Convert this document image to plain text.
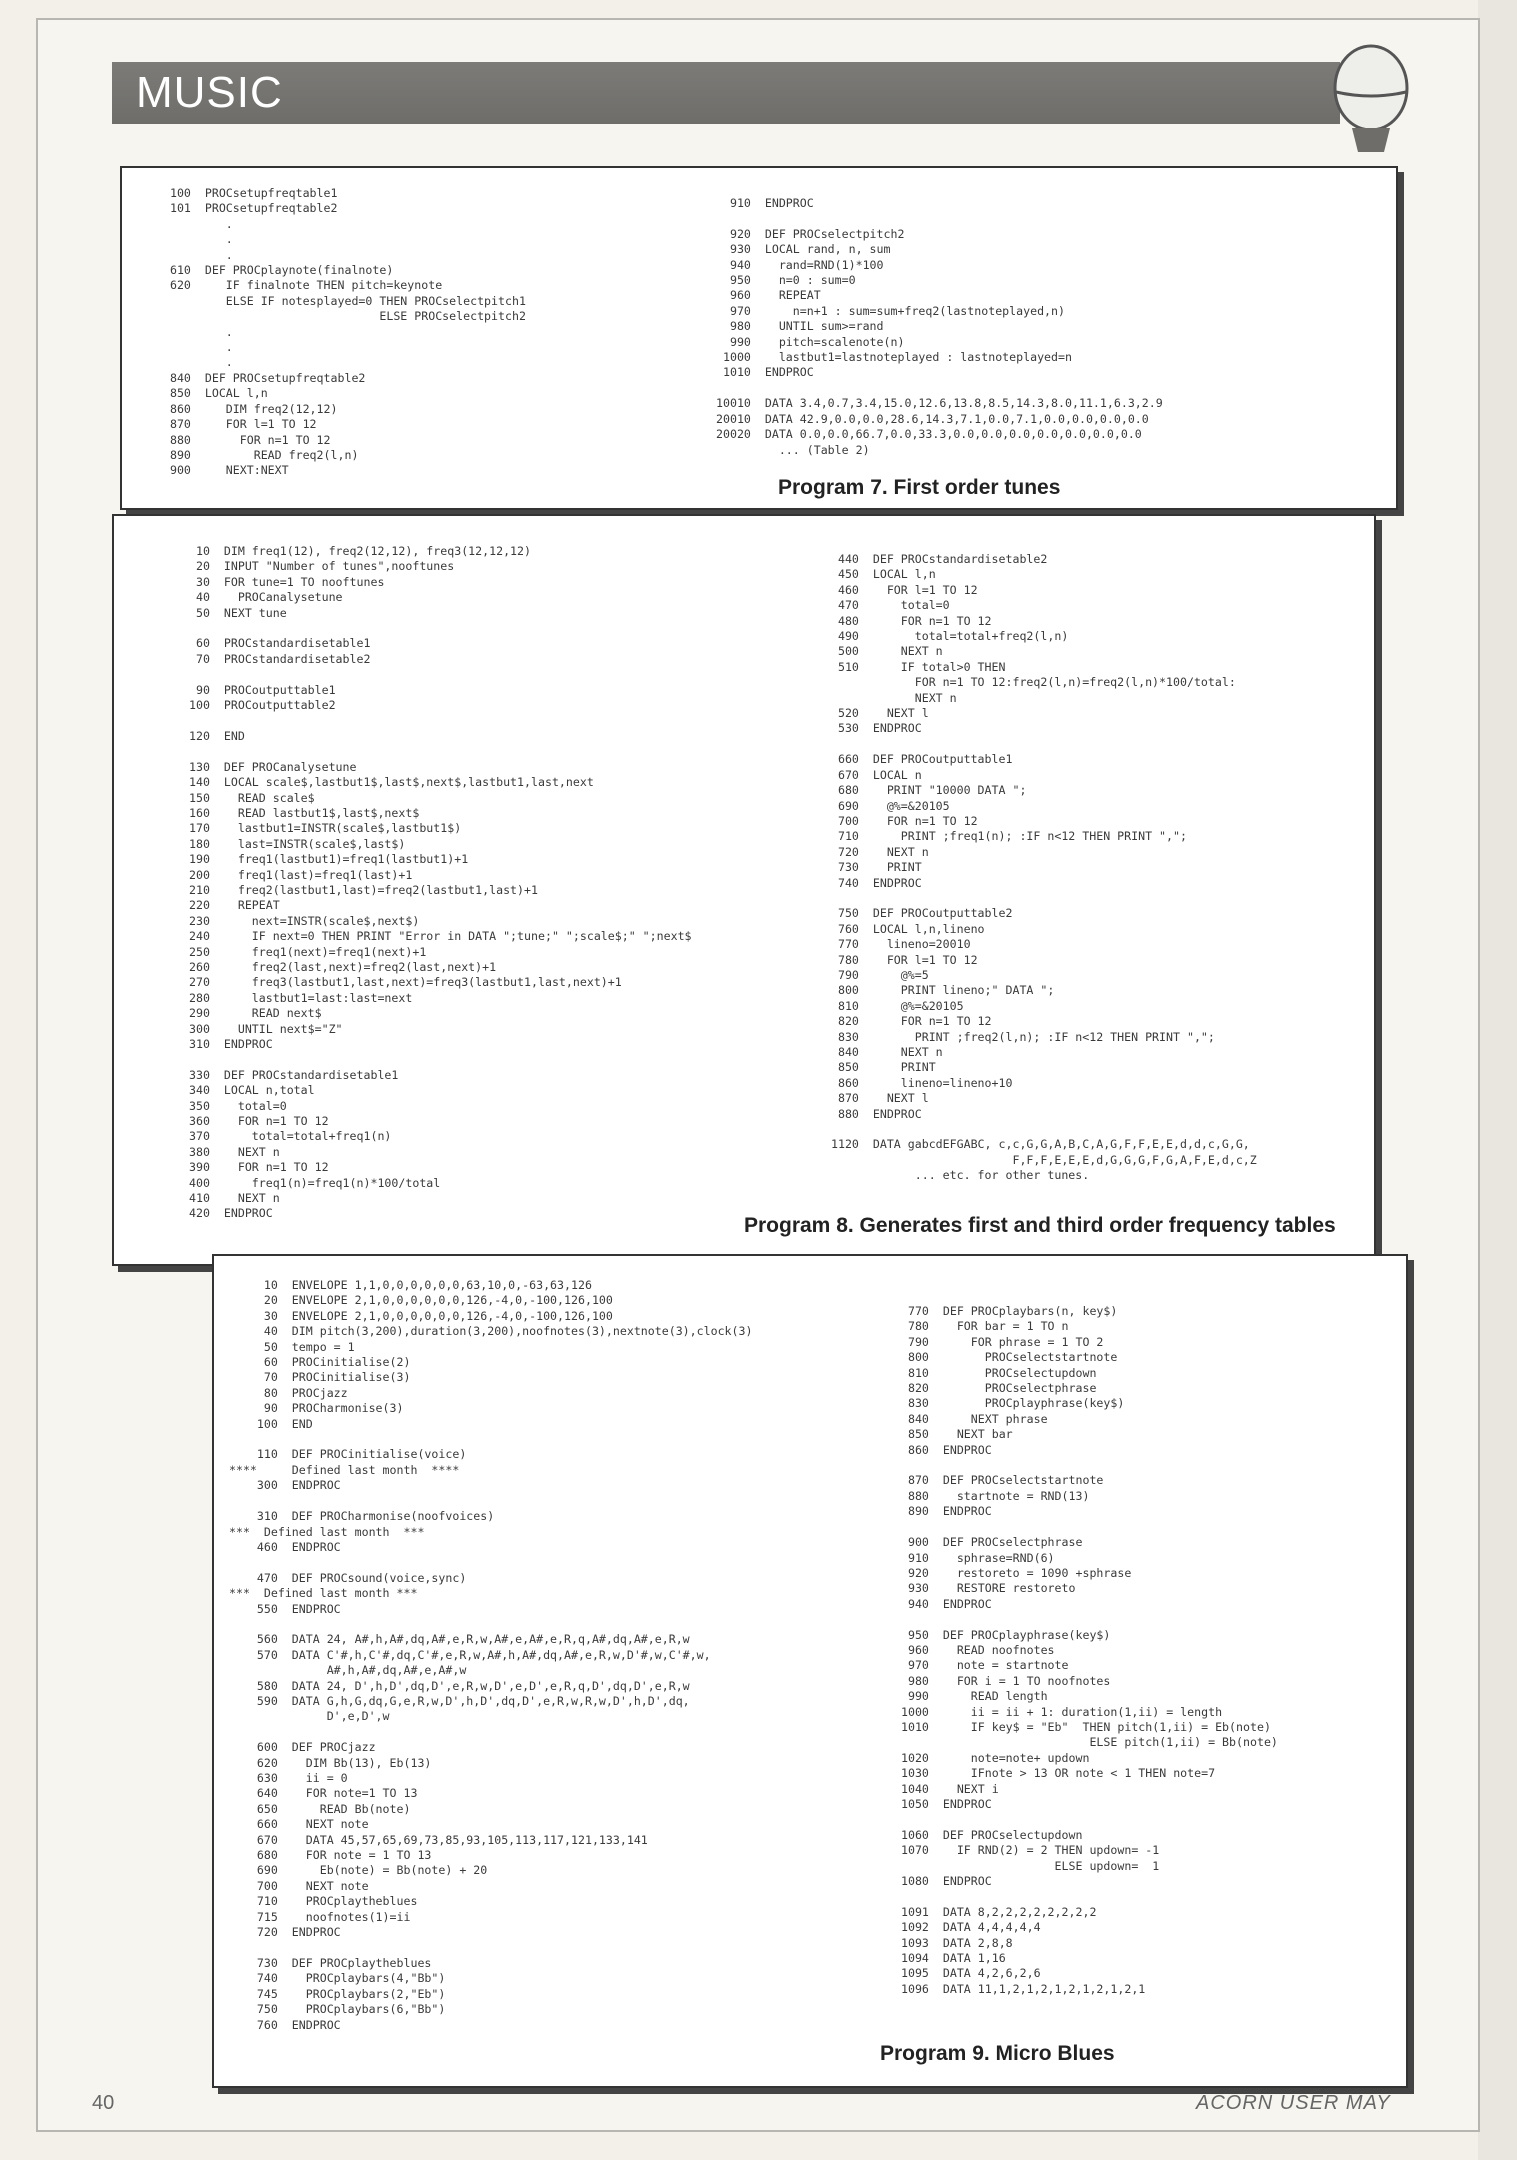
MUSIC
100  PROCsetupfreqtable1
101  PROCsetupfreqtable2
.
.
.
610  DEF PROCplaynote(finalnote)
620     IF finalnote THEN pitch=keynote
ELSE IF notesplayed=0 THEN PROCselectpitch1
ELSE PROCselectpitch2
.
.
.
840  DEF PROCsetupfreqtable2
850  LOCAL l,n
860     DIM freq2(12,12)
870     FOR l=1 TO 12
880       FOR n=1 TO 12
890         READ freq2(l,n)
900     NEXT:NEXT
910  ENDPROC

920  DEF PROCselectpitch2
930  LOCAL rand, n, sum
940    rand=RND(1)*100
950    n=0 : sum=0
960    REPEAT
970      n=n+1 : sum=sum+freq2(lastnoteplayed,n)
980    UNTIL sum>=rand
990    pitch=scalenote(n)
1000    lastbut1=lastnoteplayed : lastnoteplayed=n
1010  ENDPROC

10010  DATA 3.4,0.7,3.4,15.0,12.6,13.8,8.5,14.3,8.0,11.1,6.3,2.9
20010  DATA 42.9,0.0,0.0,28.6,14.3,7.1,0.0,7.1,0.0,0.0,0.0,0.0
20020  DATA 0.0,0.0,66.7,0.0,33.3,0.0,0.0,0.0,0.0,0.0,0.0,0.0
... (Table 2)
Program 7. First order tunes
10  DIM freq1(12), freq2(12,12), freq3(12,12,12)
20  INPUT "Number of tunes",nooftunes
30  FOR tune=1 TO nooftunes
40    PROCanalysetune
50  NEXT tune

60  PROCstandardisetable1
70  PROCstandardisetable2

90  PROCoutputtable1
100  PROCoutputtable2

120  END

130  DEF PROCanalysetune
140  LOCAL scale$,lastbut1$,last$,next$,lastbut1,last,next
150    READ scale$
160    READ lastbut1$,last$,next$
170    lastbut1=INSTR(scale$,lastbut1$)
180    last=INSTR(scale$,last$)
190    freq1(lastbut1)=freq1(lastbut1)+1
200    freq1(last)=freq1(last)+1
210    freq2(lastbut1,last)=freq2(lastbut1,last)+1
220    REPEAT
230      next=INSTR(scale$,next$)
240      IF next=0 THEN PRINT "Error in DATA ";tune;" ";scale$;" ";next$
250      freq1(next)=freq1(next)+1
260      freq2(last,next)=freq2(last,next)+1
270      freq3(lastbut1,last,next)=freq3(lastbut1,last,next)+1
280      lastbut1=last:last=next
290      READ next$
300    UNTIL next$="Z"
310  ENDPROC

330  DEF PROCstandardisetable1
340  LOCAL n,total
350    total=0
360    FOR n=1 TO 12
370      total=total+freq1(n)
380    NEXT n
390    FOR n=1 TO 12
400      freq1(n)=freq1(n)*100/total
410    NEXT n
420  ENDPROC
440  DEF PROCstandardisetable2
450  LOCAL l,n
460    FOR l=1 TO 12
470      total=0
480      FOR n=1 TO 12
490        total=total+freq2(l,n)
500      NEXT n
510      IF total>0 THEN
FOR n=1 TO 12:freq2(l,n)=freq2(l,n)*100/total:
NEXT n
520    NEXT l
530  ENDPROC

660  DEF PROCoutputtable1
670  LOCAL n
680    PRINT "10000 DATA ";
690    @%=&20105
700    FOR n=1 TO 12
710      PRINT ;freq1(n); :IF n<12 THEN PRINT ",";
720    NEXT n
730    PRINT
740  ENDPROC

750  DEF PROCoutputtable2
760  LOCAL l,n,lineno
770    lineno=20010
780    FOR l=1 TO 12
790      @%=5
800      PRINT lineno;" DATA ";
810      @%=&20105
820      FOR n=1 TO 12
830        PRINT ;freq2(l,n); :IF n<12 THEN PRINT ",";
840      NEXT n
850      PRINT
860      lineno=lineno+10
870    NEXT l
880  ENDPROC

1120  DATA gabcdEFGABC, c,c,G,G,A,B,C,A,G,F,F,E,E,d,d,c,G,G,
F,F,F,E,E,E,d,G,G,G,F,G,A,F,E,d,c,Z
... etc. for other tunes.
Program 8. Generates first and third order frequency tables
10  ENVELOPE 1,1,0,0,0,0,0,0,63,10,0,-63,63,126
20  ENVELOPE 2,1,0,0,0,0,0,0,126,-4,0,-100,126,100
30  ENVELOPE 2,1,0,0,0,0,0,0,126,-4,0,-100,126,100
40  DIM pitch(3,200),duration(3,200),noofnotes(3),nextnote(3),clock(3)
50  tempo = 1
60  PROCinitialise(2)
70  PROCinitialise(3)
80  PROCjazz
90  PROCharmonise(3)
100  END

110  DEF PROCinitialise(voice)
****     Defined last month  ****
300  ENDPROC

310  DEF PROCharmonise(noofvoices)
***  Defined last month  ***
460  ENDPROC

470  DEF PROCsound(voice,sync)
***  Defined last month ***
550  ENDPROC

560  DATA 24, A#,h,A#,dq,A#,e,R,w,A#,e,A#,e,R,q,A#,dq,A#,e,R,w
570  DATA C'#,h,C'#,dq,C'#,e,R,w,A#,h,A#,dq,A#,e,R,w,D'#,w,C'#,w,
A#,h,A#,dq,A#,e,A#,w
580  DATA 24, D',h,D',dq,D',e,R,w,D',e,D',e,R,q,D',dq,D',e,R,w
590  DATA G,h,G,dq,G,e,R,w,D',h,D',dq,D',e,R,w,R,w,D',h,D',dq,
D',e,D',w

600  DEF PROCjazz
620    DIM Bb(13), Eb(13)
630    ii = 0
640    FOR note=1 TO 13
650      READ Bb(note)
660    NEXT note
670    DATA 45,57,65,69,73,85,93,105,113,117,121,133,141
680    FOR note = 1 TO 13
690      Eb(note) = Bb(note) + 20
700    NEXT note
710    PROCplaytheblues
715    noofnotes(1)=ii
720  ENDPROC

730  DEF PROCplaytheblues
740    PROCplaybars(4,"Bb")
745    PROCplaybars(2,"Eb")
750    PROCplaybars(6,"Bb")
760  ENDPROC
770  DEF PROCplaybars(n, key$)
780    FOR bar = 1 TO n
790      FOR phrase = 1 TO 2
800        PROCselectstartnote
810        PROCselectupdown
820        PROCselectphrase
830        PROCplayphrase(key$)
840      NEXT phrase
850    NEXT bar
860  ENDPROC

870  DEF PROCselectstartnote
880    startnote = RND(13)
890  ENDPROC

900  DEF PROCselectphrase
910    sphrase=RND(6)
920    restoreto = 1090 +sphrase
930    RESTORE restoreto
940  ENDPROC

950  DEF PROCplayphrase(key$)
960    READ noofnotes
970    note = startnote
980    FOR i = 1 TO noofnotes
990      READ length
1000      ii = ii + 1: duration(1,ii) = length
1010      IF key$ = "Eb"  THEN pitch(1,ii) = Eb(note)
ELSE pitch(1,ii) = Bb(note)
1020      note=note+ updown
1030      IFnote > 13 OR note < 1 THEN note=7
1040    NEXT i
1050  ENDPROC

1060  DEF PROCselectupdown
1070    IF RND(2) = 2 THEN updown= -1
ELSE updown=  1
1080  ENDPROC

1091  DATA 8,2,2,2,2,2,2,2,2
1092  DATA 4,4,4,4,4
1093  DATA 2,8,8
1094  DATA 1,16
1095  DATA 4,2,6,2,6
1096  DATA 11,1,2,1,2,1,2,1,2,1,2,1
Program 9. Micro Blues
40	ACORN USER MAY
